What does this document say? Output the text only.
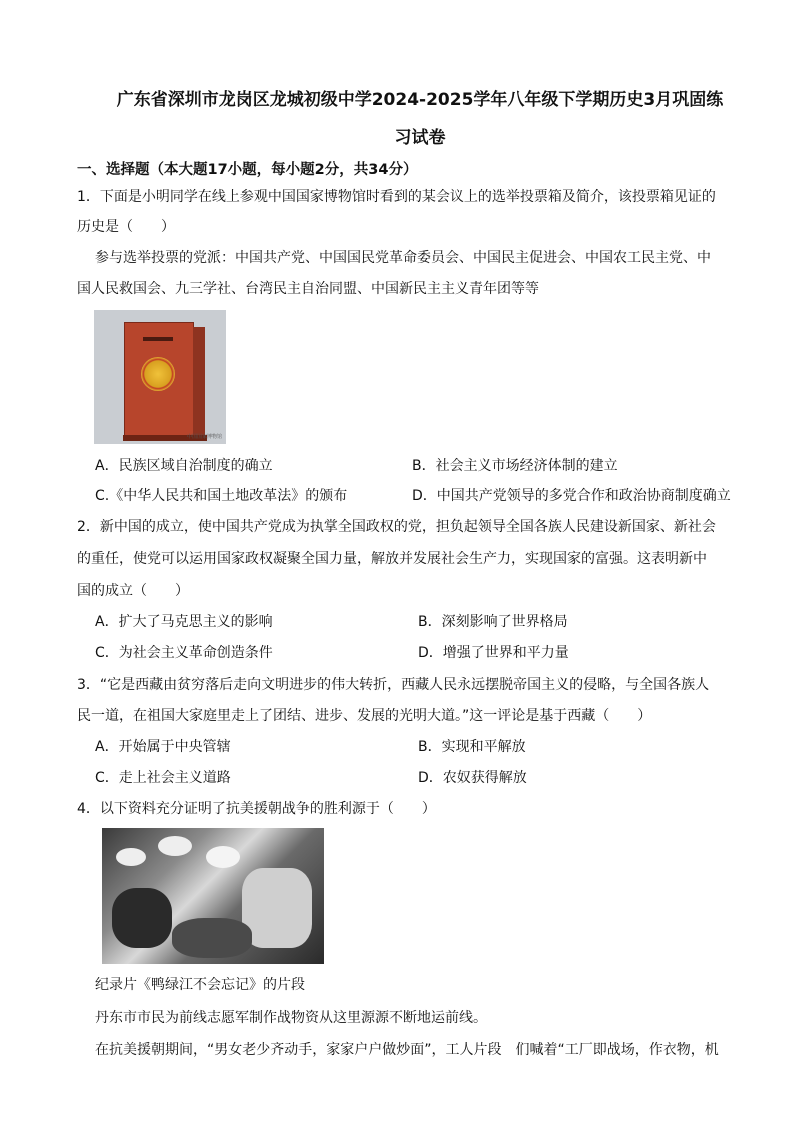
广东省深圳市龙岗区龙城初级中学2024-2025学年八年级下学期历史3月巩固练
习试卷
一、选择题（本大题17小题，每小题2分，共34分）
1．下面是小明同学在线上参观中国国家博物馆时看到的某会议上的选举投票箱及简介，该投票箱见证的
历史是（　　）
参与选举投票的党派：中国共产党、中国国民党革命委员会、中国民主促进会、中国农工民主党、中
国人民救国会、九三学社、台湾民主自治同盟、中国新民主主义青年团等等
中国国家博物馆
A．民族区域自治制度的确立	B．社会主义市场经济体制的建立
C.《中华人民共和国土地改革法》的颁布	D．中国共产党领导的多党合作和政治协商制度确立
2．新中国的成立，使中国共产党成为执掌全国政权的党，担负起领导全国各族人民建设新国家、新社会
的重任，使党可以运用国家政权凝聚全国力量，解放并发展社会生产力，实现国家的富强。这表明新中
国的成立（　　）
A．扩大了马克思主义的影响	B．深刻影响了世界格局
C．为社会主义革命创造条件	D．增强了世界和平力量
3．“它是西藏由贫穷落后走向文明进步的伟大转折，西藏人民永远摆脱帝国主义的侵略，与全国各族人
民一道，在祖国大家庭里走上了团结、进步、发展的光明大道。”这一评论是基于西藏（　　）
A．开始属于中央管辖	B．实现和平解放
C．走上社会主义道路	D．农奴获得解放
4．以下资料充分证明了抗美援朝战争的胜利源于（　　）
纪录片《鸭绿江不会忘记》的片段
丹东市市民为前线志愿军制作战物资从这里源源不断地运前线。
在抗美援朝期间，“男女老少齐动手，家家户户做炒面”，工人片段　们喊着“工厂即战场，作衣物，机
